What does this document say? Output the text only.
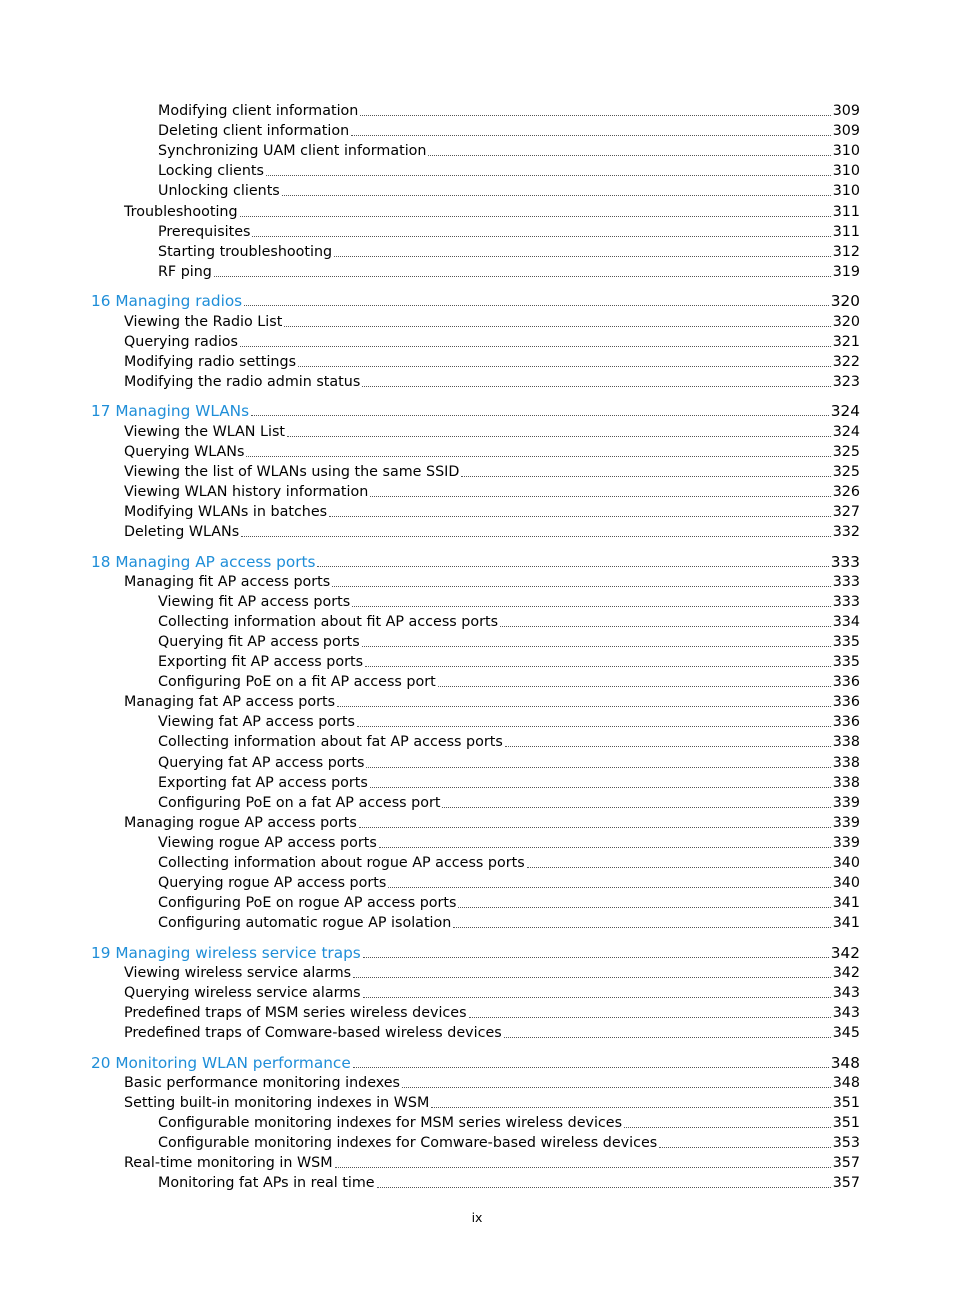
Modifying client information	309
Deleting client information	309
Synchronizing UAM client information	310
Locking clients	310
Unlocking clients	310
Troubleshooting	311
Prerequisites	311
Starting troubleshooting	312
RF ping	319
16 Managing radios	320
Viewing the Radio List	320
Querying radios	321
Modifying radio settings	322
Modifying the radio admin status	323
17 Managing WLANs	324
Viewing the WLAN List	324
Querying WLANs	325
Viewing the list of WLANs using the same SSID	325
Viewing WLAN history information	326
Modifying WLANs in batches	327
Deleting WLANs	332
18 Managing AP access ports	333
Managing fit AP access ports	333
Viewing fit AP access ports	333
Collecting information about fit AP access ports	334
Querying fit AP access ports	335
Exporting fit AP access ports	335
Configuring PoE on a fit AP access port	336
Managing fat AP access ports	336
Viewing fat AP access ports	336
Collecting information about fat AP access ports	338
Querying fat AP access ports	338
Exporting fat AP access ports	338
Configuring PoE on a fat AP access port	339
Managing rogue AP access ports	339
Viewing rogue AP access ports	339
Collecting information about rogue AP access ports	340
Querying rogue AP access ports	340
Configuring PoE on rogue AP access ports	341
Configuring automatic rogue AP isolation	341
19 Managing wireless service traps	342
Viewing wireless service alarms	342
Querying wireless service alarms	343
Predefined traps of MSM series wireless devices	343
Predefined traps of Comware-based wireless devices	345
20 Monitoring WLAN performance	348
Basic performance monitoring indexes	348
Setting built-in monitoring indexes in WSM	351
Configurable monitoring indexes for MSM series wireless devices	351
Configurable monitoring indexes for Comware-based wireless devices	353
Real-time monitoring in WSM	357
Monitoring fat APs in real time	357
ix
